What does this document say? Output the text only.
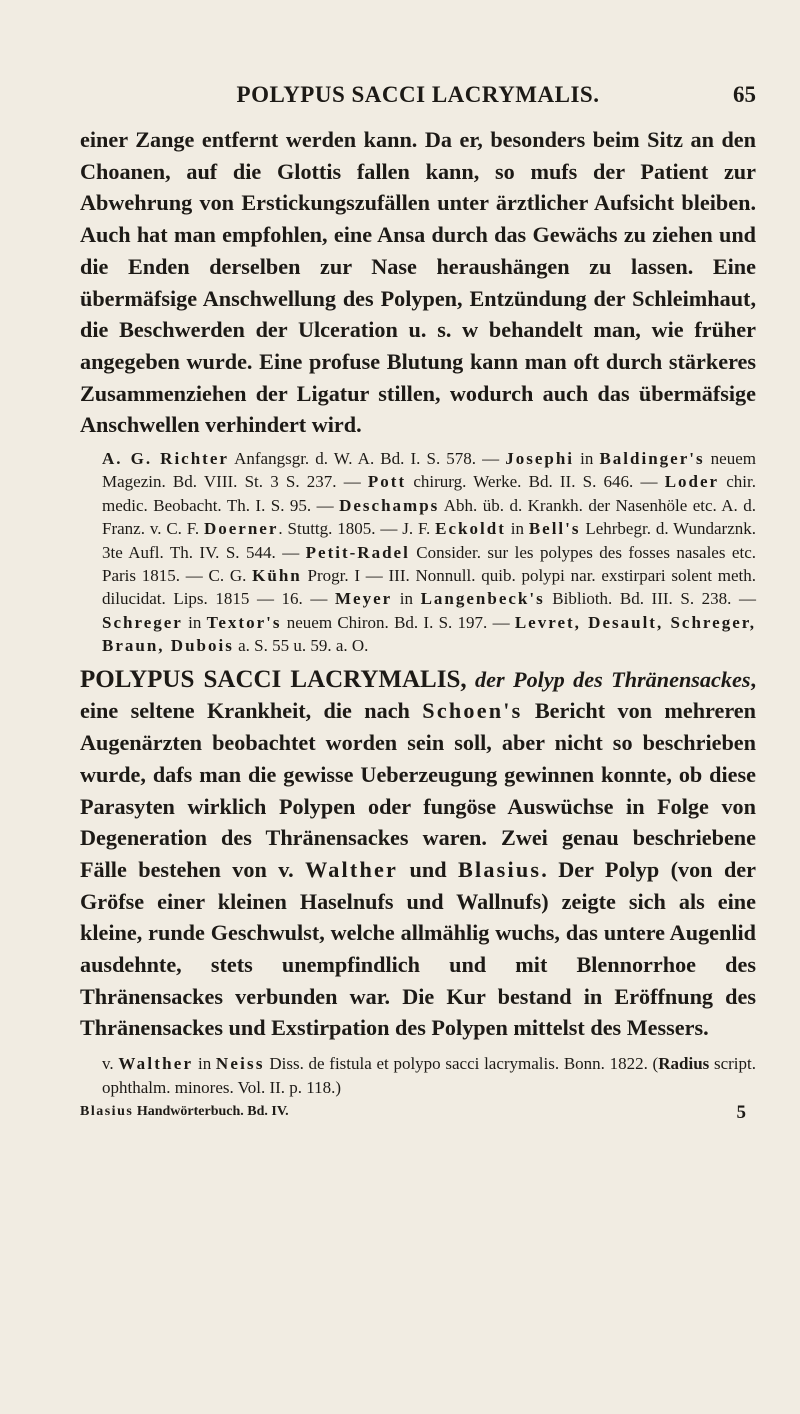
POLYPUS SACCI LACRYMALIS.	65

einer Zange entfernt werden kann. Da er, besonders beim Sitz an den Choanen, auf die Glottis fallen kann, so mufs der Patient zur Abwehrung von Erstickungszufällen unter ärztlicher Aufsicht bleiben. Auch hat man empfohlen, eine Ansa durch das Gewächs zu ziehen und die Enden derselben zur Nase heraushängen zu lassen. Eine übermäfsige Anschwellung des Polypen, Entzündung der Schleimhaut, die Beschwerden der Ulceration u. s. w behandelt man, wie früher angegeben wurde. Eine profuse Blutung kann man oft durch stärkeres Zusammenziehen der Ligatur stillen, wodurch auch das übermäfsige Anschwellen verhindert wird.

A. G. Richter Anfangsgr. d. W. A. Bd. I. S. 578. — Josephi in Baldinger's neuem Magezin. Bd. VIII. St. 3 S. 237. — Pott chirurg. Werke. Bd. II. S. 646. — Loder chir. medic. Beobacht. Th. I. S. 95. — Deschamps Abh. üb. d. Krankh. der Nasenhöle etc. A. d. Franz. v. C. F. Doerner. Stuttg. 1805. — J. F. Eckoldt in Bell's Lehrbegr. d. Wundarznk. 3te Aufl. Th. IV. S. 544. — Petit-Radel Consider. sur les polypes des fosses nasales etc. Paris 1815. — C. G. Kühn Progr. I — III. Nonnull. quib. polypi nar. exstirpari solent meth. dilucidat. Lips. 1815 — 16. — Meyer in Langenbeck's Biblioth. Bd. III. S. 238. — Schreger in Textor's neuem Chiron. Bd. I. S. 197. — Levret, Desault, Schreger, Braun, Dubois a. S. 55 u. 59. a. O.

POLYPUS SACCI LACRYMALIS, der Polyp des Thränensackes, eine seltene Krankheit, die nach Schoen's Bericht von mehreren Augenärzten beobachtet worden sein soll, aber nicht so beschrieben wurde, dafs man die gewisse Ueberzeugung gewinnen konnte, ob diese Parasyten wirklich Polypen oder fungöse Auswüchse in Folge von Degeneration des Thränensackes waren. Zwei genau beschriebene Fälle bestehen von v. Walther und Blasius. Der Polyp (von der Gröfse einer kleinen Haselnufs und Wallnufs) zeigte sich als eine kleine, runde Geschwulst, welche allmählig wuchs, das untere Augenlid ausdehnte, stets unempfindlich und mit Blennorrhoe des Thränensackes verbunden war. Die Kur bestand in Eröffnung des Thränensackes und Exstirpation des Polypen mittelst des Messers.

v. Walther in Neiss Diss. de fistula et polypo sacci lacrymalis. Bonn. 1822. (Radius script. ophthalm. minores. Vol. II. p. 118.)

Blasius Handwörterbuch. Bd. IV.	5
